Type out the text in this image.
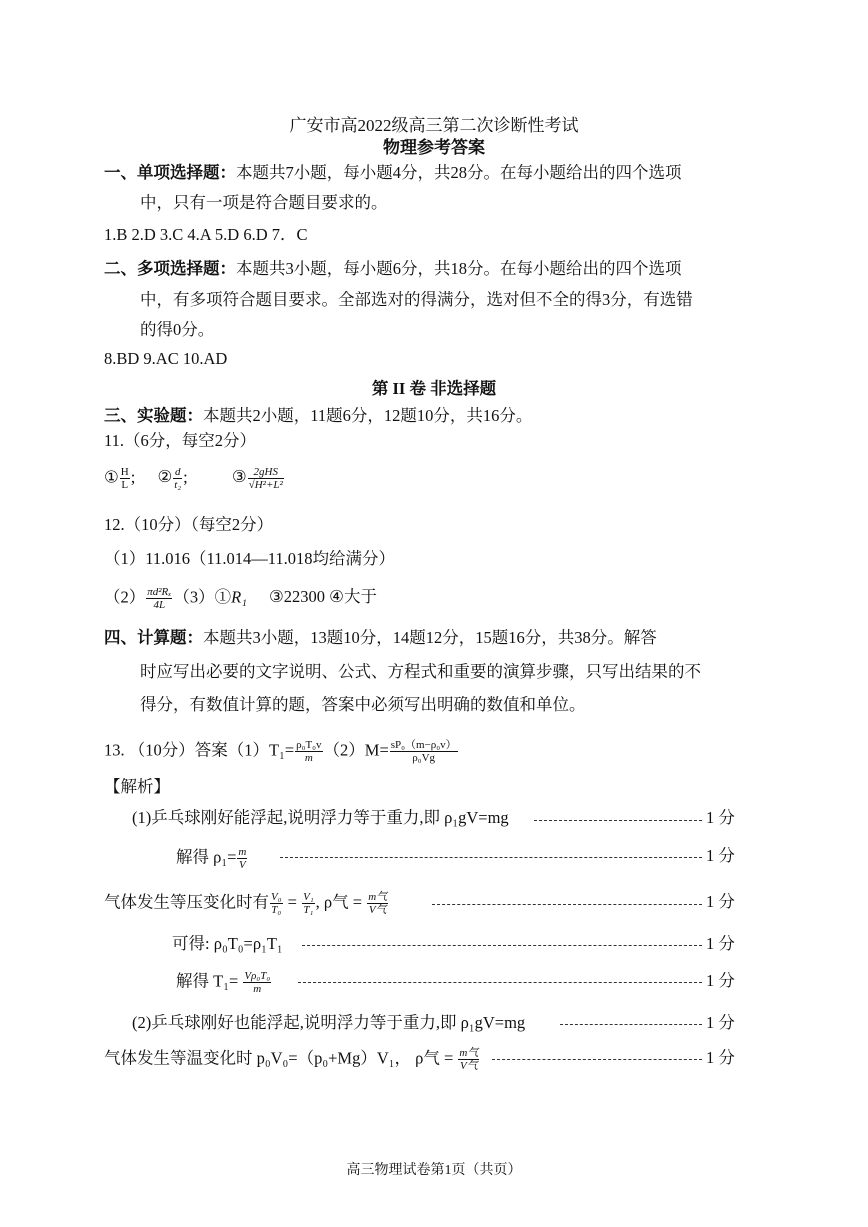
广安市高2022级高三第二次诊断性考试
物理参考答案
一、单项选择题：本题共7小题，每小题4分，共28分。在每小题给出的四个选项
中，只有一项是符合题目要求的。
1.B 2.D 3.C 4.A 5.D 6.D 7．C
二、多项选择题：本题共3小题，每小题6分，共18分。在每小题给出的四个选项
中，有多项符合题目要求。全部选对的得满分，选对但不全的得3分，有选错
的得0分。
8.BD 9.AC 10.AD
第 II 卷 非选择题
三、实验题：本题共2小题，11题6分，12题10分，共16分。
11.（6分，每空2分）
① $\frac{H}{L}$ ; ② $\frac{d}{\text{t₂}}$ ; ③ $\frac{\text{2gHS}}{\text{√H²+L²}}$
12.（10分）（每空2分）
（1）11.016（11.014—11.018均给满分）
$(2) \frac{\text{πd²Rₓ}}{4L}$ （3）①R₁ ③22300 ④大于
四、计算题：本题共3小题，13题10分，14题12分，15题16分，共38分。解答
时应写出必要的文字说明、公式、方程式和重要的演算步骤，只写出结果的不
得分，有数值计算的题，答案中必须写出明确的数值和单位。
13. （10分）答案$(1)T_1= \frac{\text{ρ₀T₀v}}{m} (2)M= \frac{\text{sP₀（m−ρ₀v）}}{\text{ρ₀Vg}}$
【解析】
(1)乒乓球刚好能浮起,说明浮力等于重力,即 ρ₁gV=mg	1 分
解得 $\rho_1= \frac{m}{V}$	1 分
气体发生等压变化时有 $\frac{\text{V₀}}{\text{T₀}} = \frac{\text{V₁}}{\text{T₁}}$ , ρ气 = $\frac{\text{m气}}{\text{V气}}$	1 分
可得: ρ₀T₀=ρ₁T₁	1 分
解得 $T_1= \frac{\text{Vρ₀T₀}}{m}$	1 分
(2)乒乓球刚好也能浮起,说明浮力等于重力,即 ρ₁gV=mg	1 分
气体发生等温变化时 p₀V₀=（p₀+Mg）V₁， ρ气 = $\frac{\text{m气}}{\text{V气}}$	1 分
高三物理试卷第1页（共页）
